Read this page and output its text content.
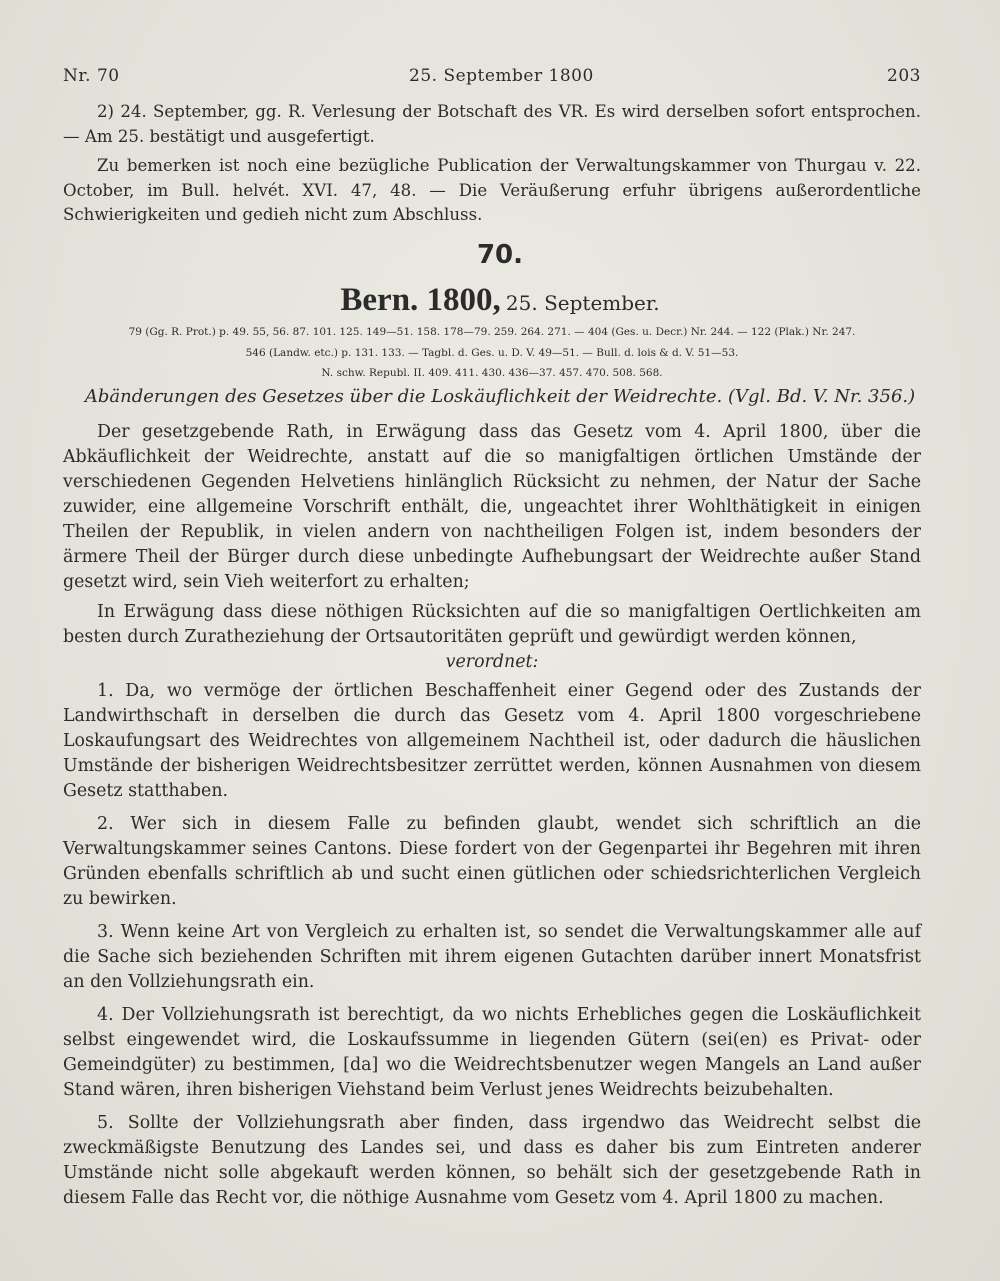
Nr. 70	25. September 1800	203

2) 24. September, gg. R. Verlesung der Botschaft des VR. Es wird derselben sofort entsprochen. — Am 25. bestätigt und ausgefertigt.

Zu bemerken ist noch eine bezügliche Publication der Verwaltungskammer von Thurgau v. 22. October, im Bull. helvét. XVI. 47, 48. — Die Veräußerung erfuhr übrigens außerordentliche Schwierigkeiten und gedieh nicht zum Abschluss.

70.
Bern. 1800, 25. September.
79 (Gg. R. Prot.) p. 49. 55, 56. 87. 101. 125. 149—51. 158. 178—79. 259. 264. 271. — 404 (Ges. u. Decr.) Nr. 244. — 122 (Plak.) Nr. 247.
546 (Landw. etc.) p. 131. 133. — Tagbl. d. Ges. u. D. V. 49—51. — Bull. d. lois & d. V. 51—53.
N. schw. Republ. II. 409. 411. 430. 436—37. 457. 470. 508. 568.
Abänderungen des Gesetzes über die Loskäuflichkeit der Weidrechte. (Vgl. Bd. V. Nr. 356.)

Der gesetzgebende Rath, in Erwägung dass das Gesetz vom 4. April 1800, über die Abkäuflichkeit der Weidrechte, anstatt auf die so manigfaltigen örtlichen Umstände der verschiedenen Gegenden Helvetiens hinlänglich Rücksicht zu nehmen, der Natur der Sache zuwider, eine allgemeine Vorschrift enthält, die, ungeachtet ihrer Wohlthätigkeit in einigen Theilen der Republik, in vielen andern von nachtheiligen Folgen ist, indem besonders der ärmere Theil der Bürger durch diese unbedingte Aufhebungsart der Weidrechte außer Stand gesetzt wird, sein Vieh weiterfort zu erhalten;

In Erwägung dass diese nöthigen Rücksichten auf die so manigfaltigen Oertlichkeiten am besten durch Zuratheziehung der Ortsautoritäten geprüft und gewürdigt werden können,

verordnet:

1. Da, wo vermöge der örtlichen Beschaffenheit einer Gegend oder des Zustands der Landwirthschaft in derselben die durch das Gesetz vom 4. April 1800 vorgeschriebene Loskaufungsart des Weidrechtes von allgemeinem Nachtheil ist, oder dadurch die häuslichen Umstände der bisherigen Weidrechtsbesitzer zerrüttet werden, können Ausnahmen von diesem Gesetz statthaben.

2. Wer sich in diesem Falle zu befinden glaubt, wendet sich schriftlich an die Verwaltungskammer seines Cantons. Diese fordert von der Gegenpartei ihr Begehren mit ihren Gründen ebenfalls schriftlich ab und sucht einen gütlichen oder schiedsrichterlichen Vergleich zu bewirken.

3. Wenn keine Art von Vergleich zu erhalten ist, so sendet die Verwaltungskammer alle auf die Sache sich beziehenden Schriften mit ihrem eigenen Gutachten darüber innert Monatsfrist an den Vollziehungsrath ein.

4. Der Vollziehungsrath ist berechtigt, da wo nichts Erhebliches gegen die Loskäuflichkeit selbst eingewendet wird, die Loskaufssumme in liegenden Gütern (sei(en) es Privat- oder Gemeindgüter) zu bestimmen, [da] wo die Weidrechtsbenutzer wegen Mangels an Land außer Stand wären, ihren bisherigen Viehstand beim Verlust jenes Weidrechts beizubehalten.

5. Sollte der Vollziehungsrath aber finden, dass irgendwo das Weidrecht selbst die zweckmäßigste Benutzung des Landes sei, und dass es daher bis zum Eintreten anderer Umstände nicht solle abgekauft werden können, so behält sich der gesetzgebende Rath in diesem Falle das Recht vor, die nöthige Ausnahme vom Gesetz vom 4. April 1800 zu machen.
